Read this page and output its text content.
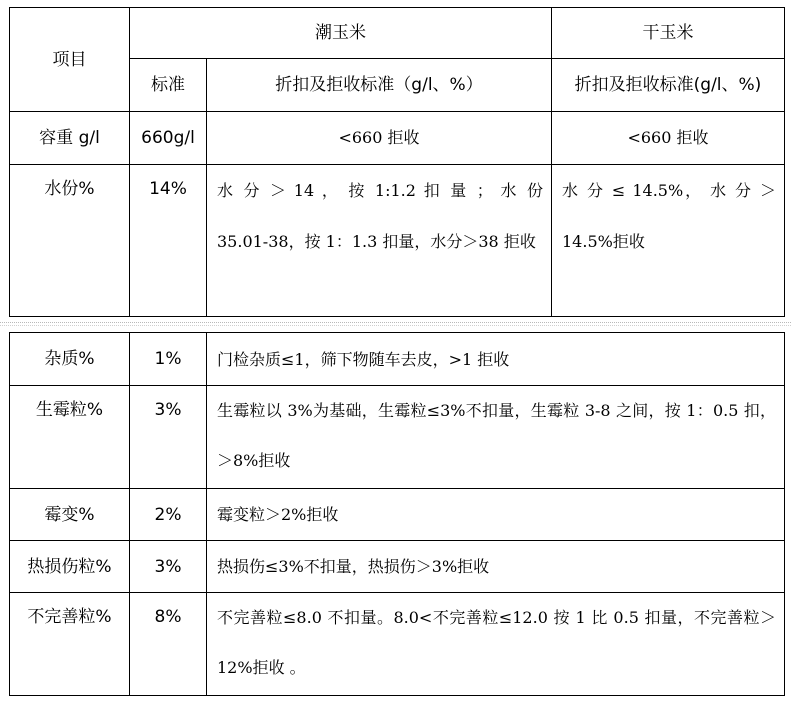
项目	潮玉米		干玉米
	标准	折扣及拒收标准（g/l、%）	折扣及拒收标准(g/l、%)
容重 g/l	660g/l	<660 拒收	<660 拒收
水份%	14%	水 分 ＞ 14 ， 按 1:1.2 扣 量 ； 水 份 35.01-38，按 1：1.3 扣量，水分＞38 拒收	水 分 ≤ 14.5%， 水 分 ＞ 14.5%拒收
杂质%	1%	门检杂质≤1，筛下物随车去皮，>1 拒收
生霉粒%	3%	生霉粒以 3%为基础，生霉粒≤3%不扣量，生霉粒 3-8 之间，按 1：0.5 扣，＞8%拒收
霉变%	2%	霉变粒＞2%拒收
热损伤粒%	3%	热损伤≤3%不扣量，热损伤＞3%拒收
不完善粒%	8%	不完善粒≤8.0 不扣量。8.0<不完善粒≤12.0 按 1 比 0.5 扣量，不完善粒＞12%拒收 。
